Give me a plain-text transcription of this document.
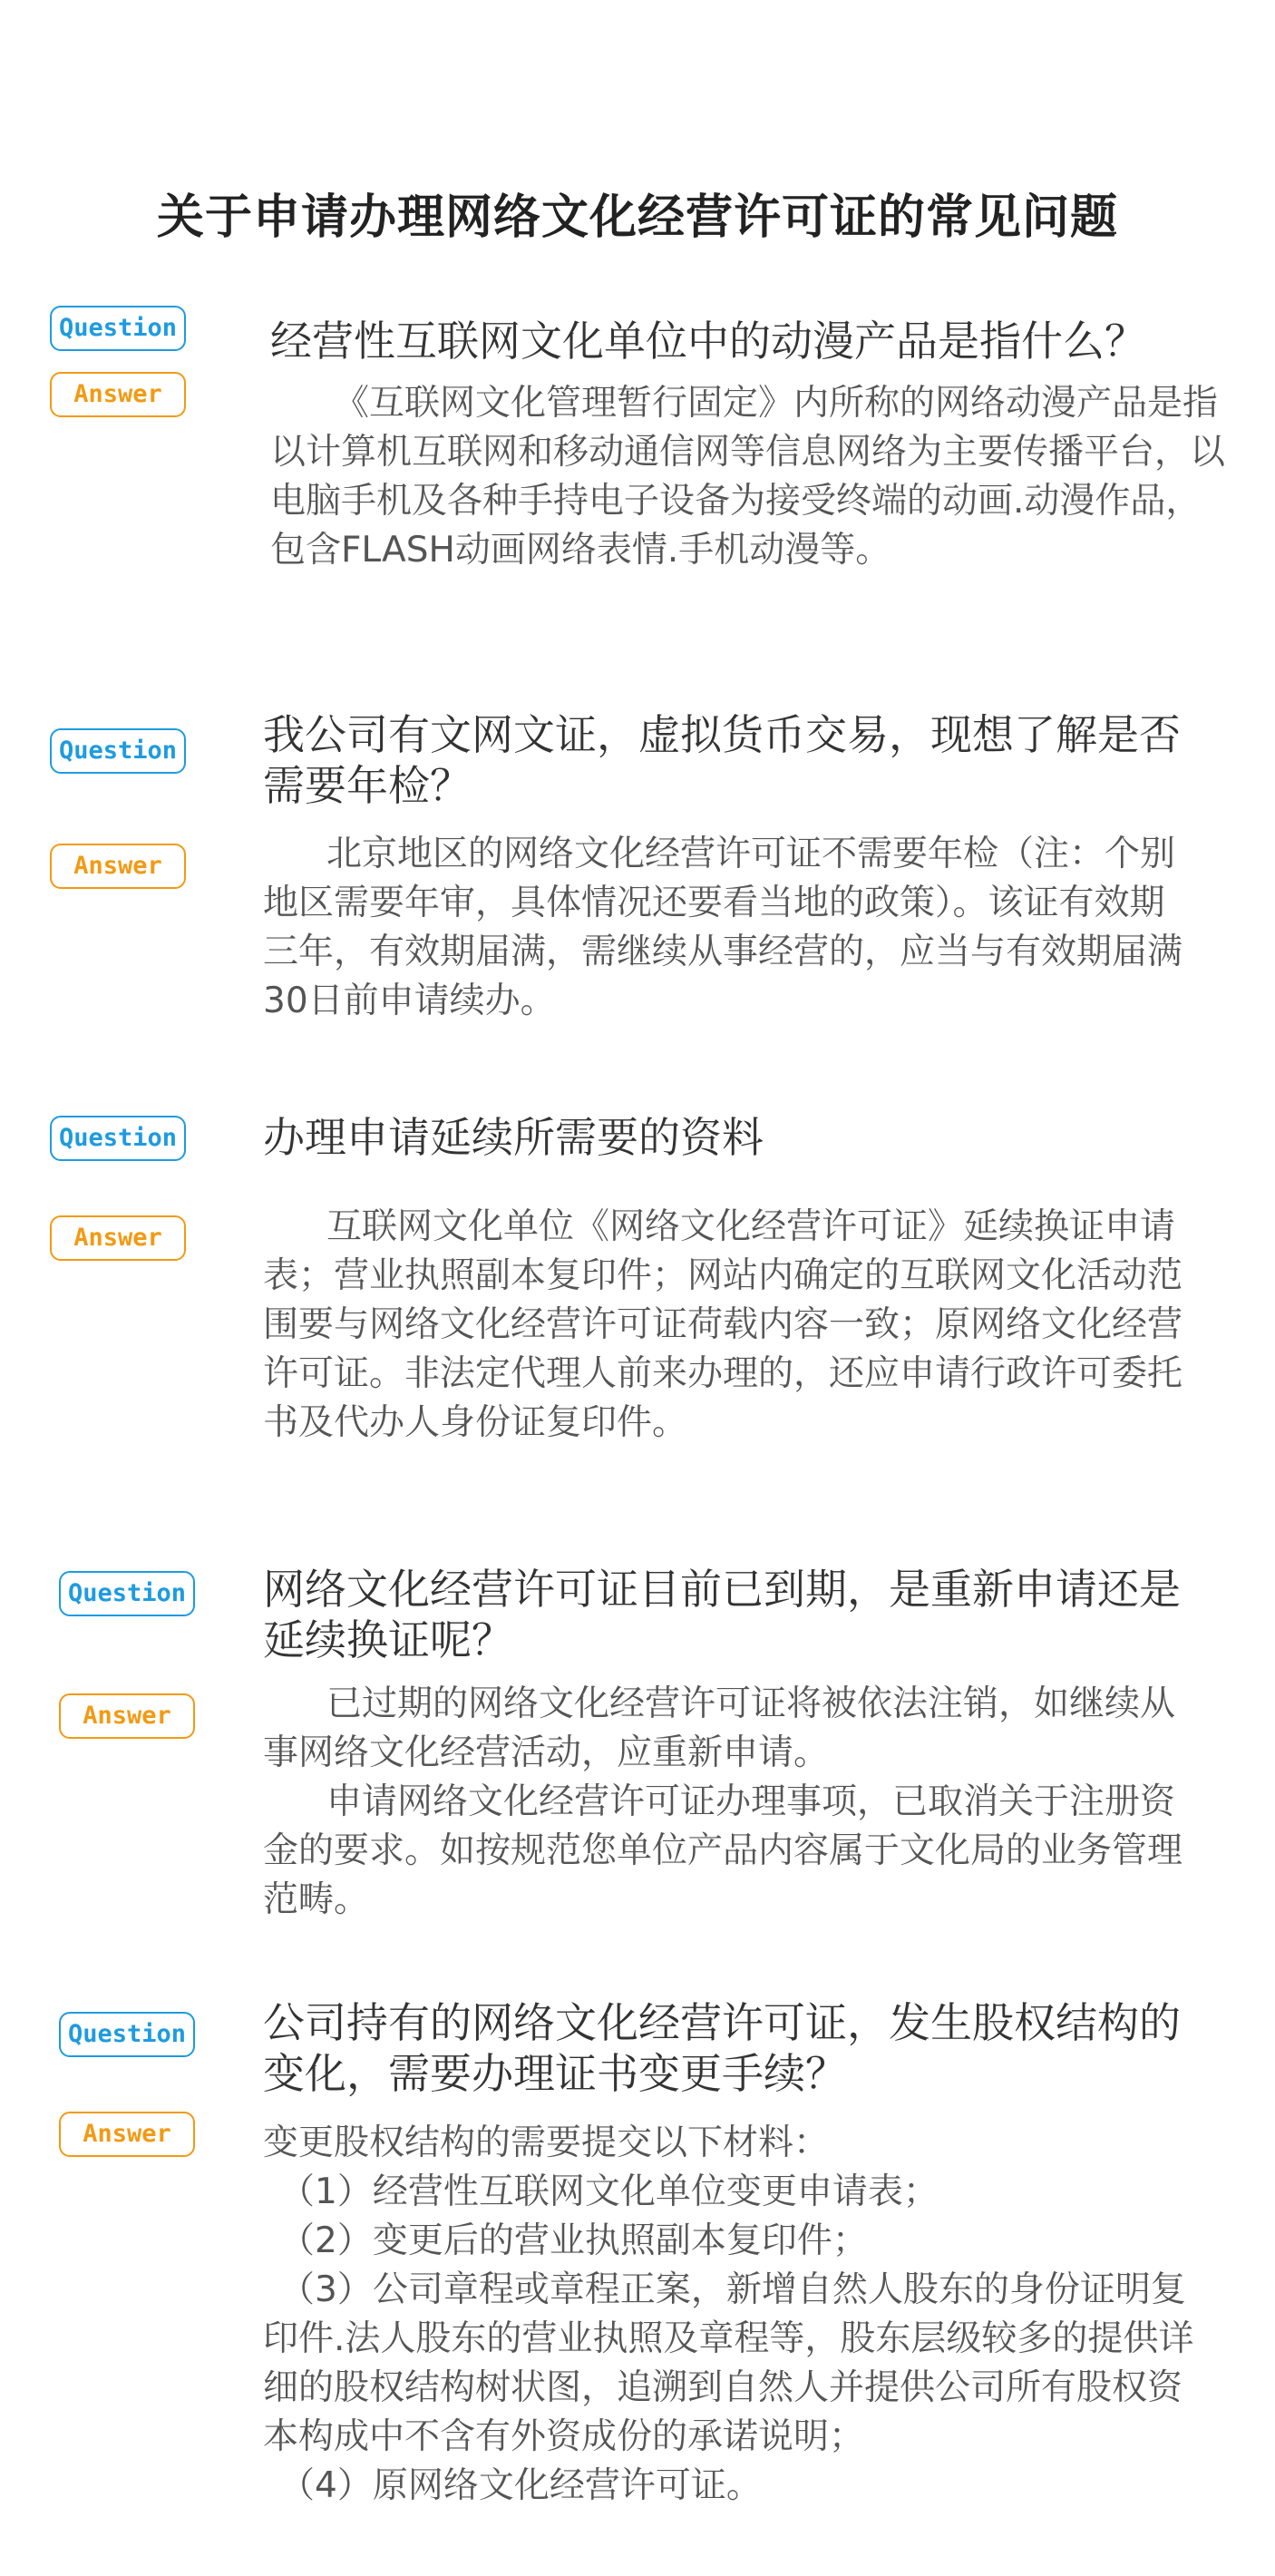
关于申请办理网络文化经营许可证的常见问题
Question
Answer

经营性互联网文化单位中的动漫产品是指什么？

《互联网文化管理暂行固定》内所称的网络动漫产品是指以计算机互联网和移动通信网等信息网络为主要传播平台，以电脑手机及各种手持电子设备为接受终端的动画.动漫作品，包含FLASH动画网络表情.手机动漫等。

Question
Answer

我公司有文网文证，虚拟货币交易，现想了解是否需要年检？

北京地区的网络文化经营许可证不需要年检（注：个别地区需要年审，具体情况还要看当地的政策）。该证有效期三年，有效期届满，需继续从事经营的，应当与有效期届满30日前申请续办。

Question
Answer

办理申请延续所需要的资料

互联网文化单位《网络文化经营许可证》延续换证申请表；营业执照副本复印件；网站内确定的互联网文化活动范围要与网络文化经营许可证荷载内容一致；原网络文化经营许可证。非法定代理人前来办理的，还应申请行政许可委托书及代办人身份证复印件。

Question
Answer

网络文化经营许可证目前已到期，是重新申请还是延续换证呢？

已过期的网络文化经营许可证将被依法注销，如继续从事网络文化经营活动，应重新申请。

申请网络文化经营许可证办理事项，已取消关于注册资金的要求。如按规范您单位产品内容属于文化局的业务管理范畴。

Question
Answer

公司持有的网络文化经营许可证，发生股权结构的变化，需要办理证书变更手续？

变更股权结构的需要提交以下材料：

（1）经营性互联网文化单位变更申请表；

（2）变更后的营业执照副本复印件；

（3）公司章程或章程正案，新增自然人股东的身份证明复印件.法人股东的营业执照及章程等，股东层级较多的提供详细的股权结构树状图，追溯到自然人并提供公司所有股权资本构成中不含有外资成份的承诺说明；

（4）原网络文化经营许可证。
